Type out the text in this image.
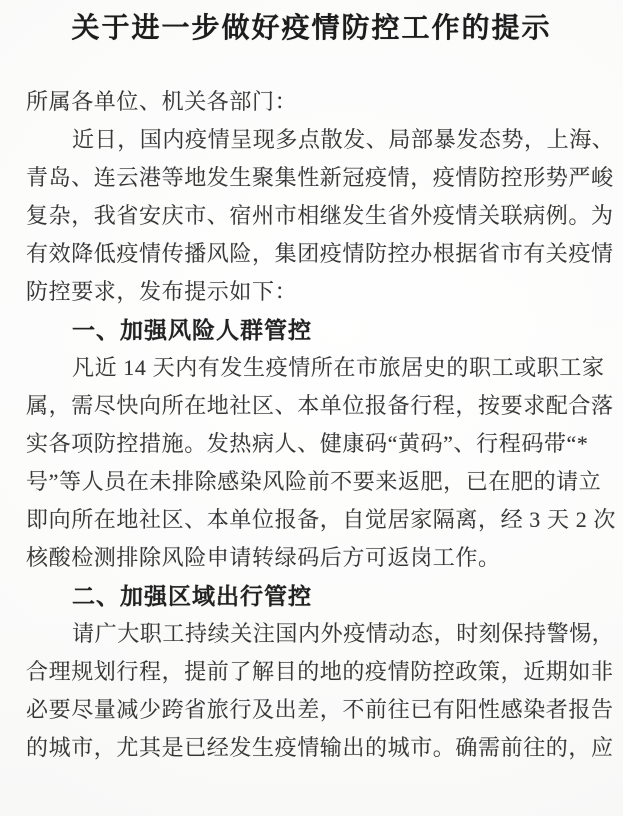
关于进一步做好疫情防控工作的提示
所属各单位、机关各部门：
近日，国内疫情呈现多点散发、局部暴发态势，上海、
青岛、连云港等地发生聚集性新冠疫情，疫情防控形势严峻
复杂，我省安庆市、宿州市相继发生省外疫情关联病例。为
有效降低疫情传播风险，集团疫情防控办根据省市有关疫情
防控要求，发布提示如下：
一、加强风险人群管控
凡近 14 天内有发生疫情所在市旅居史的职工或职工家
属，需尽快向所在地社区、本单位报备行程，按要求配合落
实各项防控措施。发热病人、健康码“黄码”、行程码带“*
号”等人员在未排除感染风险前不要来返肥，已在肥的请立
即向所在地社区、本单位报备，自觉居家隔离，经 3 天 2 次
核酸检测排除风险申请转绿码后方可返岗工作。
二、加强区域出行管控
请广大职工持续关注国内外疫情动态，时刻保持警惕，
合理规划行程，提前了解目的地的疫情防控政策，近期如非
必要尽量减少跨省旅行及出差，不前往已有阳性感染者报告
的城市，尤其是已经发生疫情输出的城市。确需前往的，应
